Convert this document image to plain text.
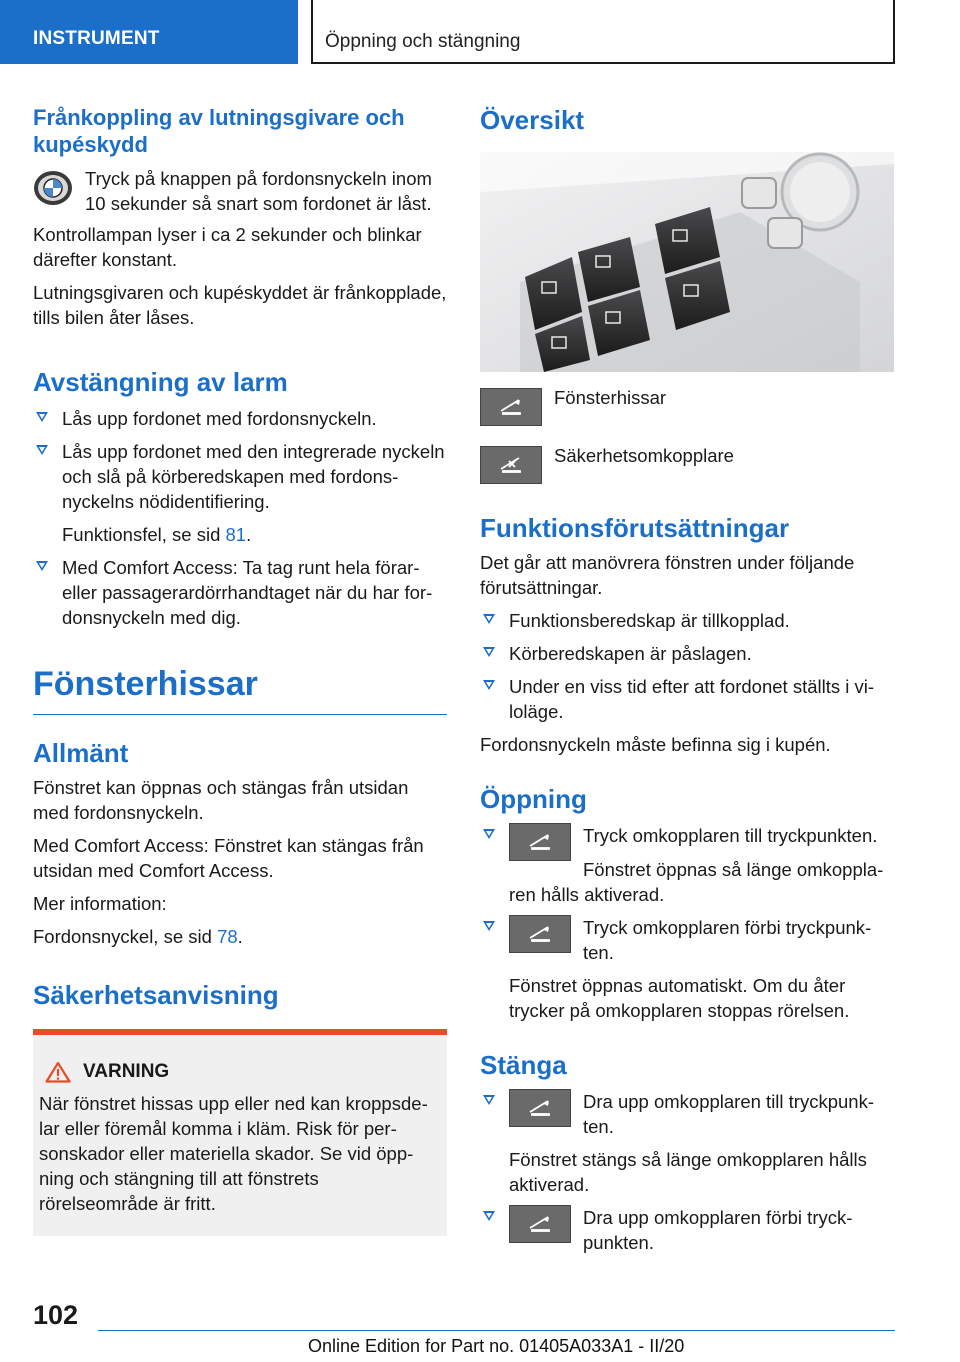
INSTRUMENT	Öppning och stängning
Frånkoppling av lutningsgivare och kupéskydd

Tryck på knappen på fordonsnyckeln inom 10 sekunder så snart som fordonet är låst.

Kontrollampan lyser i ca 2 sekunder och blinkar därefter konstant.

Lutningsgivaren och kupéskyddet är frånkopplade, tills bilen åter låses.

Avstängning av larm

Lås upp fordonet med fordonsnyckeln.

Lås upp fordonet med den integrerade nyckeln och slå på körberedskapen med fordonsnyckelns nödidentifiering.

Funktionsfel, se sid 81.

Med Comfort Access: Ta tag runt hela förar- eller passagerardörrhandtaget när du har fordonsnyckeln med dig.

Fönsterhissar
Allmänt

Fönstret kan öppnas och stängas från utsidan med fordonsnyckeln.

Med Comfort Access: Fönstret kan stängas från utsidan med Comfort Access.

Mer information:

Fordonsnyckel, se sid 78.

Säkerhetsanvisning
VARNING

När fönstret hissas upp eller ned kan kroppsdelar eller föremål komma i kläm. Risk för personskador eller materiella skador. Se vid öppning och stängning till att fönstrets rörelseområde är fritt.

Översikt

Fönsterhissar

Säkerhetsomkopplare

Funktionsförutsättningar

Det går att manövrera fönstren under följande förutsättningar.

Funktionsberedskap är tillkopplad.

Körberedskapen är påslagen.

Under en viss tid efter att fordonet ställts i viloläge.

Fordonsnyckeln måste befinna sig i kupén.

Öppning

Tryck omkopplaren till tryckpunkten.

Fönstret öppnas så länge omkopplaren hålls aktiverad.

Tryck omkopplaren förbi tryckpunkten.

Fönstret öppnas automatiskt. Om du åter trycker på omkopplaren stoppas rörelsen.

Stänga

Dra upp omkopplaren till tryckpunkten.

Fönstret stängs så länge omkopplaren hålls aktiverad.

Dra upp omkopplaren förbi tryckpunkten.

102
Online Edition for Part no. 01405A033A1 - II/20
